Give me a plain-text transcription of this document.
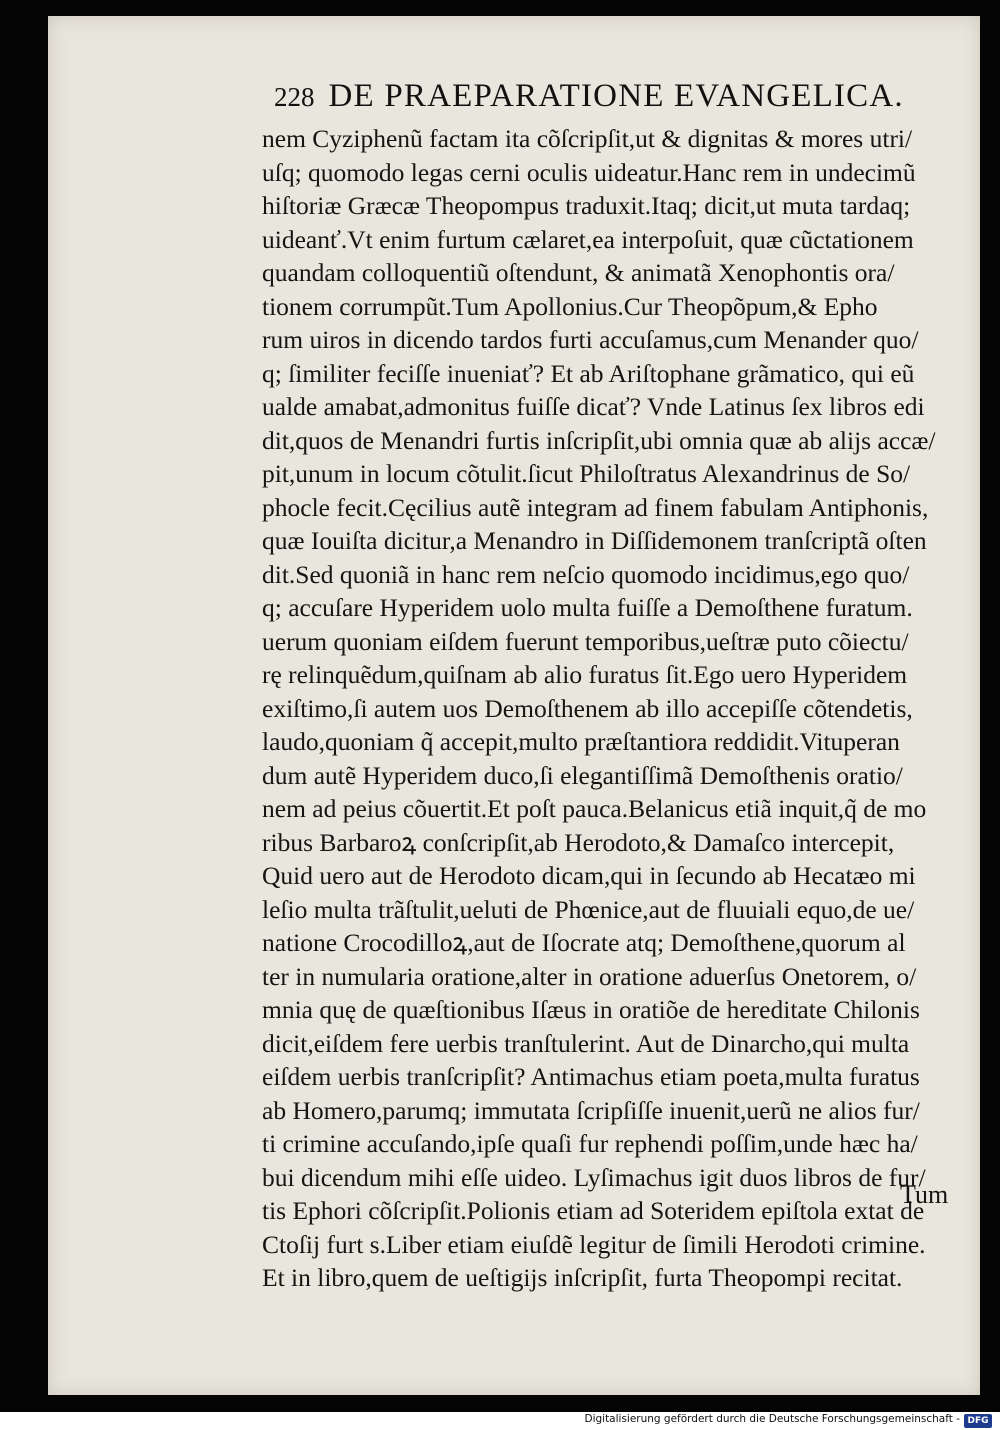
228 DE PRAEPARATIONE EVANGELICA.
nem Cyziphenũ factam ita cõſcripſit,ut & dignitas & mores utri/
uſq; quomodo legas cerni oculis uideatur.Hanc rem in undecimũ
hiſtoriæ Græcæ Theopompus traduxit.Itaq; dicit,ut muta tardaq;
uideanť.Vt enim furtum cælaret,ea interpoſuit, quæ cũctationem
quandam colloquentiũ oſtendunt, & animatã Xenophontis ora/
tionem corrumpũt.Tum Apollonius.Cur Theopõpum,& Epho
rum uiros in dicendo tardos furti accuſamus,cum Menander quo/
q; ſimiliter feciſſe inueniať? Et ab Ariſtophane grãmatico, qui eũ
ualde amabat,admonitus fuiſſe dicať? Vnde Latinus ſex libros edi
dit,quos de Menandri furtis inſcripſit,ubi omnia quæ ab alijs accæ/
pit,unum in locum cõtulit.ſicut Philoſtratus Alexandrinus de So/
phocle fecit.Cęcilius autẽ integram ad finem fabulam Antiphonis,
quæ Iouiſta dicitur,a Menandro in Diſſidemonem tranſcriptã oſten
dit.Sed quoniã in hanc rem neſcio quomodo incidimus,ego quo/
q; accuſare Hyperidem uolo multa fuiſſe a Demoſthene furatum.
uerum quoniam eiſdem fuerunt temporibus,ueſtræ puto cõiectu/
rę relinquẽdum,quiſnam ab alio furatus ſit.Ego uero Hyperidem
exiſtimo,ſi autem uos Demoſthenem ab illo accepiſſe cõtendetis,
laudo,quoniam q̃ accepit,multo præſtantiora reddidit.Vituperan
dum autẽ Hyperidem duco,ſi elegantiſſimã Demoſthenis oratio/
nem ad peius cõuertit.Et poſt pauca.Belanicus etiã inquit,q̃ de mo
ribus Barbaroꝝ conſcripſit,ab Herodoto,& Damaſco intercepit,
Quid uero aut de Herodoto dicam,qui in ſecundo ab Hecatæo mi
leſio multa trãſtulit,ueluti de Phœnice,aut de fluuiali equo,de ue/
natione Crocodilloꝝ,aut de Iſocrate atq; Demoſthene,quorum al
ter in numularia oratione,alter in oratione aduerſus Onetorem, o/
mnia quę de quæſtionibus Iſæus in oratiõe de hereditate Chilonis
dicit,eiſdem fere uerbis tranſtulerint. Aut de Dinarcho,qui multa
eiſdem uerbis tranſcripſit? Antimachus etiam poeta,multa furatus
ab Homero,parumq; immutata ſcripſiſſe inuenit,uerũ ne alios fur/
ti crimine accuſando,ipſe quaſi fur rephendi poſſim,unde hæc ha/
bui dicendum mihi eſſe uideo. Lyſimachus igit duos libros de fur/
tis Ephori cõſcripſit.Polionis etiam ad Soteridem epiſtola extat de
Ctoſij furt s.Liber etiam eiuſdẽ legitur de ſimili Herodoti crimine.
Et in libro,quem de ueſtigijs inſcripſit, furta Theopompi recitat.
Tum
Digitalisierung gefördert durch die Deutsche Forschungsgemeinschaft - DFG
